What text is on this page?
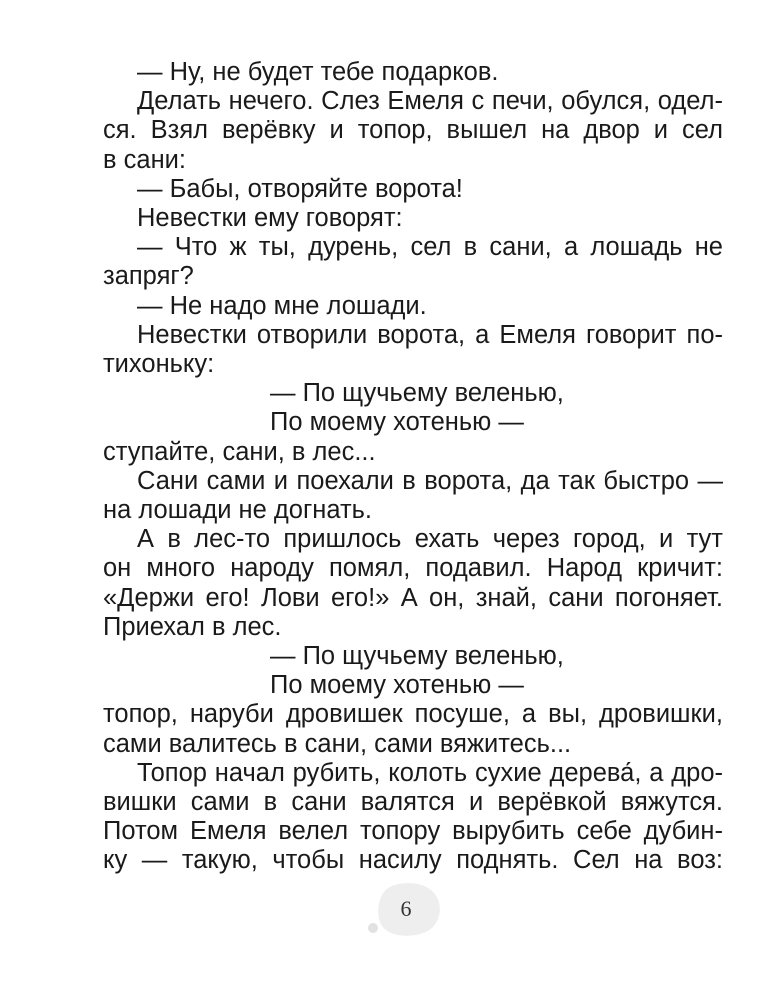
— Ну, не будет тебе подарков.
Делать нечего. Слез Емеля с печи, обулся, одел-
ся. Взял верёвку и топор, вышел на двор и сел
в сани:
— Бабы, отворяйте ворота!
Невестки ему говорят:
— Что ж ты, дурень, сел в сани, а лошадь не
запряг?
— Не надо мне лошади.
Невестки отворили ворота, а Емеля говорит по-
тихоньку:
— По щучьему веленью,
По моему хотенью —
ступайте, сани, в лес...
Сани сами и поехали в ворота, да так быстро —
на лошади не догнать.
А в лес-то пришлось ехать через город, и тут
он много народу помял, подавил. Народ кричит:
«Держи его! Лови его!» А он, знай, сани погоняет.
Приехал в лес.
— По щучьему веленью,
По моему хотенью —
топор, наруби дровишек посуше, а вы, дровишки,
сами валитесь в сани, сами вяжитесь...
Топор начал рубить, колоть сухие дерева́, а дро-
вишки сами в сани валятся и верёвкой вяжутся.
Потом Емеля велел топору вырубить себе дубин-
ку — такую, чтобы насилу поднять. Сел на воз:
6
